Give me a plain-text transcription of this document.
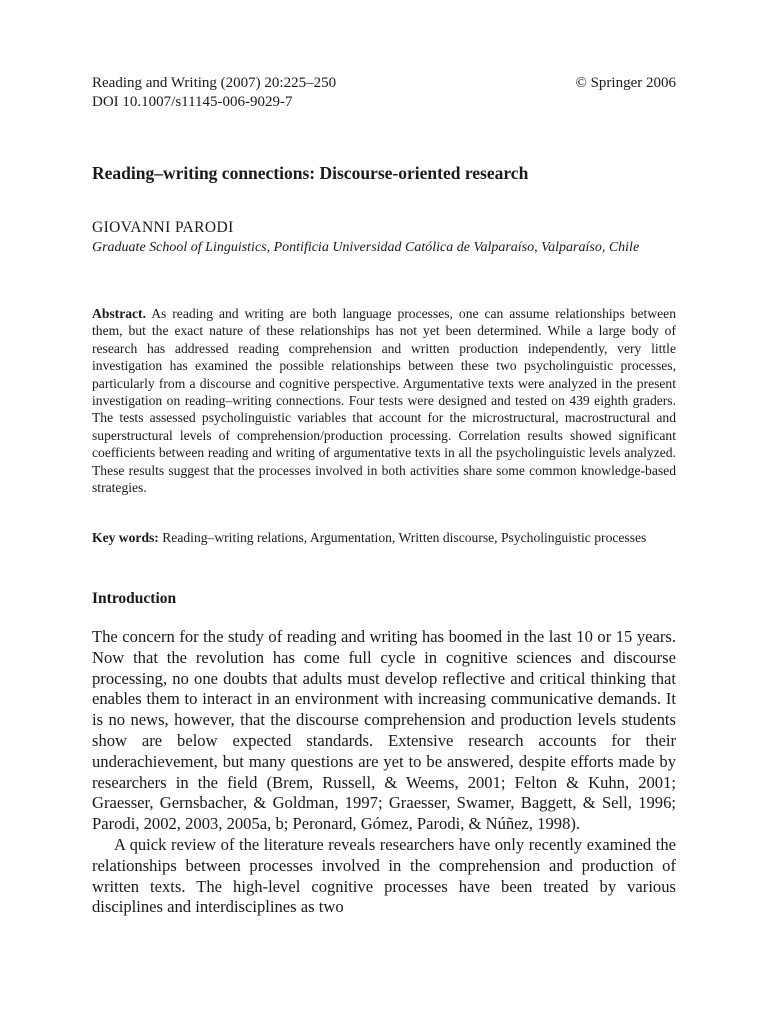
Reading and Writing (2007) 20:225–250
DOI 10.1007/s11145-006-9029-7
© Springer 2006
Reading–writing connections: Discourse-oriented research
GIOVANNI PARODI
Graduate School of Linguistics, Pontificia Universidad Católica de Valparaíso, Valparaíso, Chile
Abstract. As reading and writing are both language processes, one can assume relationships between them, but the exact nature of these relationships has not yet been determined. While a large body of research has addressed reading comprehension and written production independently, very little investigation has examined the possible relationships between these two psycholinguistic processes, particularly from a discourse and cognitive perspective. Argumentative texts were analyzed in the present investigation on reading–writing connections. Four tests were designed and tested on 439 eighth graders. The tests assessed psycholinguistic variables that account for the microstructural, macrostructural and superstructural levels of comprehension/production processing. Correlation results showed significant coefficients between reading and writing of argumentative texts in all the psycholinguistic levels analyzed. These results suggest that the processes involved in both activities share some common knowledge-based strategies.
Key words: Reading–writing relations, Argumentation, Written discourse, Psycholinguistic processes
Introduction

The concern for the study of reading and writing has boomed in the last 10 or 15 years. Now that the revolution has come full cycle in cognitive sciences and discourse processing, no one doubts that adults must develop reflective and critical thinking that enables them to interact in an environment with increasing communicative demands. It is no news, however, that the discourse comprehension and production levels students show are below expected standards. Extensive research accounts for their underachievement, but many questions are yet to be answered, despite efforts made by researchers in the field (Brem, Russell, & Weems, 2001; Felton & Kuhn, 2001; Graesser, Gernsbacher, & Goldman, 1997; Graesser, Swamer, Baggett, & Sell, 1996; Parodi, 2002, 2003, 2005a, b; Peronard, Gómez, Parodi, & Núñez, 1998).

A quick review of the literature reveals researchers have only recently examined the relationships between processes involved in the comprehension and production of written texts. The high-level cognitive processes have been treated by various disciplines and interdisciplines as two
